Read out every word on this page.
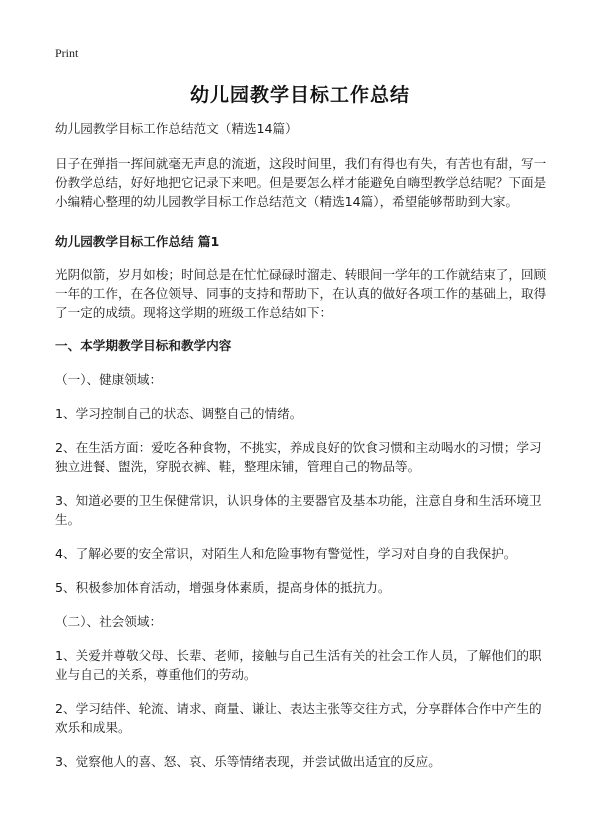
Print
幼儿园教学目标工作总结

幼儿园教学目标工作总结范文（精选14篇）

日子在弹指一挥间就毫无声息的流逝，这段时间里，我们有得也有失，有苦也有甜，写一份教学总结，好好地把它记录下来吧。但是要怎么样才能避免自嗨型教学总结呢？下面是小编精心整理的幼儿园教学目标工作总结范文（精选14篇），希望能够帮助到大家。

幼儿园教学目标工作总结 篇1

光阴似箭，岁月如梭；时间总是在忙忙碌碌时溜走、转眼间一学年的工作就结束了，回顾一年的工作，在各位领导、同事的支持和帮助下，在认真的做好各项工作的基础上，取得了一定的成绩。现将这学期的班级工作总结如下：

一、本学期教学目标和教学内容

（一）、健康领域：

1、学习控制自己的状态、调整自己的情绪。

2、在生活方面：爱吃各种食物，不挑实，养成良好的饮食习惯和主动喝水的习惯；学习独立进餐、盥洗，穿脱衣裤、鞋，整理床铺，管理自己的物品等。

3、知道必要的卫生保健常识，认识身体的主要器官及基本功能，注意自身和生活环境卫生。

4、了解必要的安全常识，对陌生人和危险事物有警觉性，学习对自身的自我保护。

5、积极参加体育活动，增强身体素质，提高身体的抵抗力。

（二）、社会领域：

1、关爱并尊敬父母、长辈、老师，接触与自己生活有关的社会工作人员，了解他们的职业与自己的关系，尊重他们的劳动。

2、学习结伴、轮流、请求、商量、谦让、表达主张等交往方式，分享群体合作中产生的欢乐和成果。

3、觉察他人的喜、怒、哀、乐等情绪表现，并尝试做出适宜的反应。
